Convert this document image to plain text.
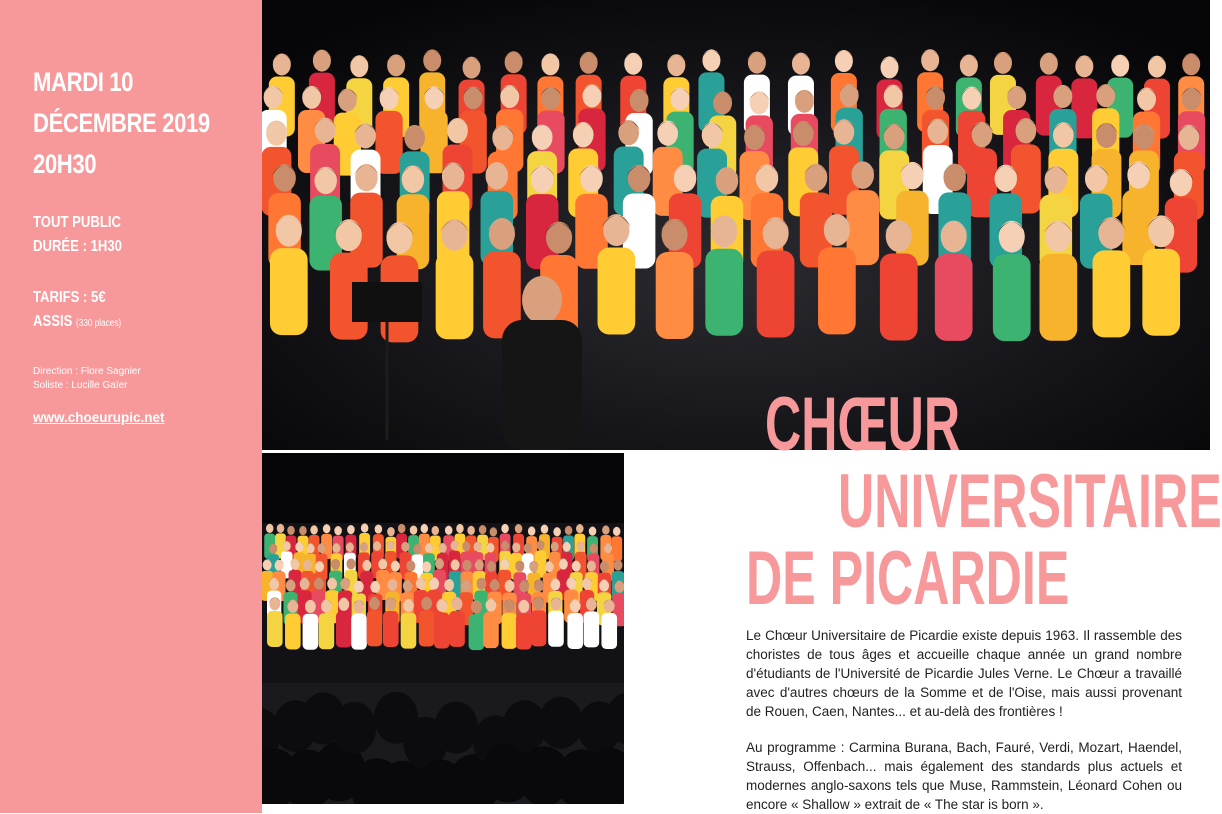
MARDI 10
DÉCEMBRE 2019
20H30
TOUT PUBLIC
DURÉE : 1H30
TARIFS : 5€
ASSIS (330 places)
Direction : Flore Sagnier
Soliste : Lucille Gaïer
www.choeurupic.net	CHŒUR
UNIVERSITAIRE
DE PICARDIE

Le Chœur Universitaire de Picardie existe depuis 1963. Il rassemble des choristes de tous âges et accueille chaque année un grand nombre d'étudiants de l'Université de Picardie Jules Verne. Le Chœur a travaillé avec d'autres chœurs de la Somme et de l'Oise, mais aussi provenant de Rouen, Caen, Nantes... et au-delà des frontières !

Au programme : Carmina Burana, Bach, Fauré, Verdi, Mozart, Haendel, Strauss, Offenbach... mais également des standards plus actuels et modernes anglo-saxons tels que Muse, Rammstein, Léonard Cohen ou encore « Shallow » extrait de « The star is born ».
